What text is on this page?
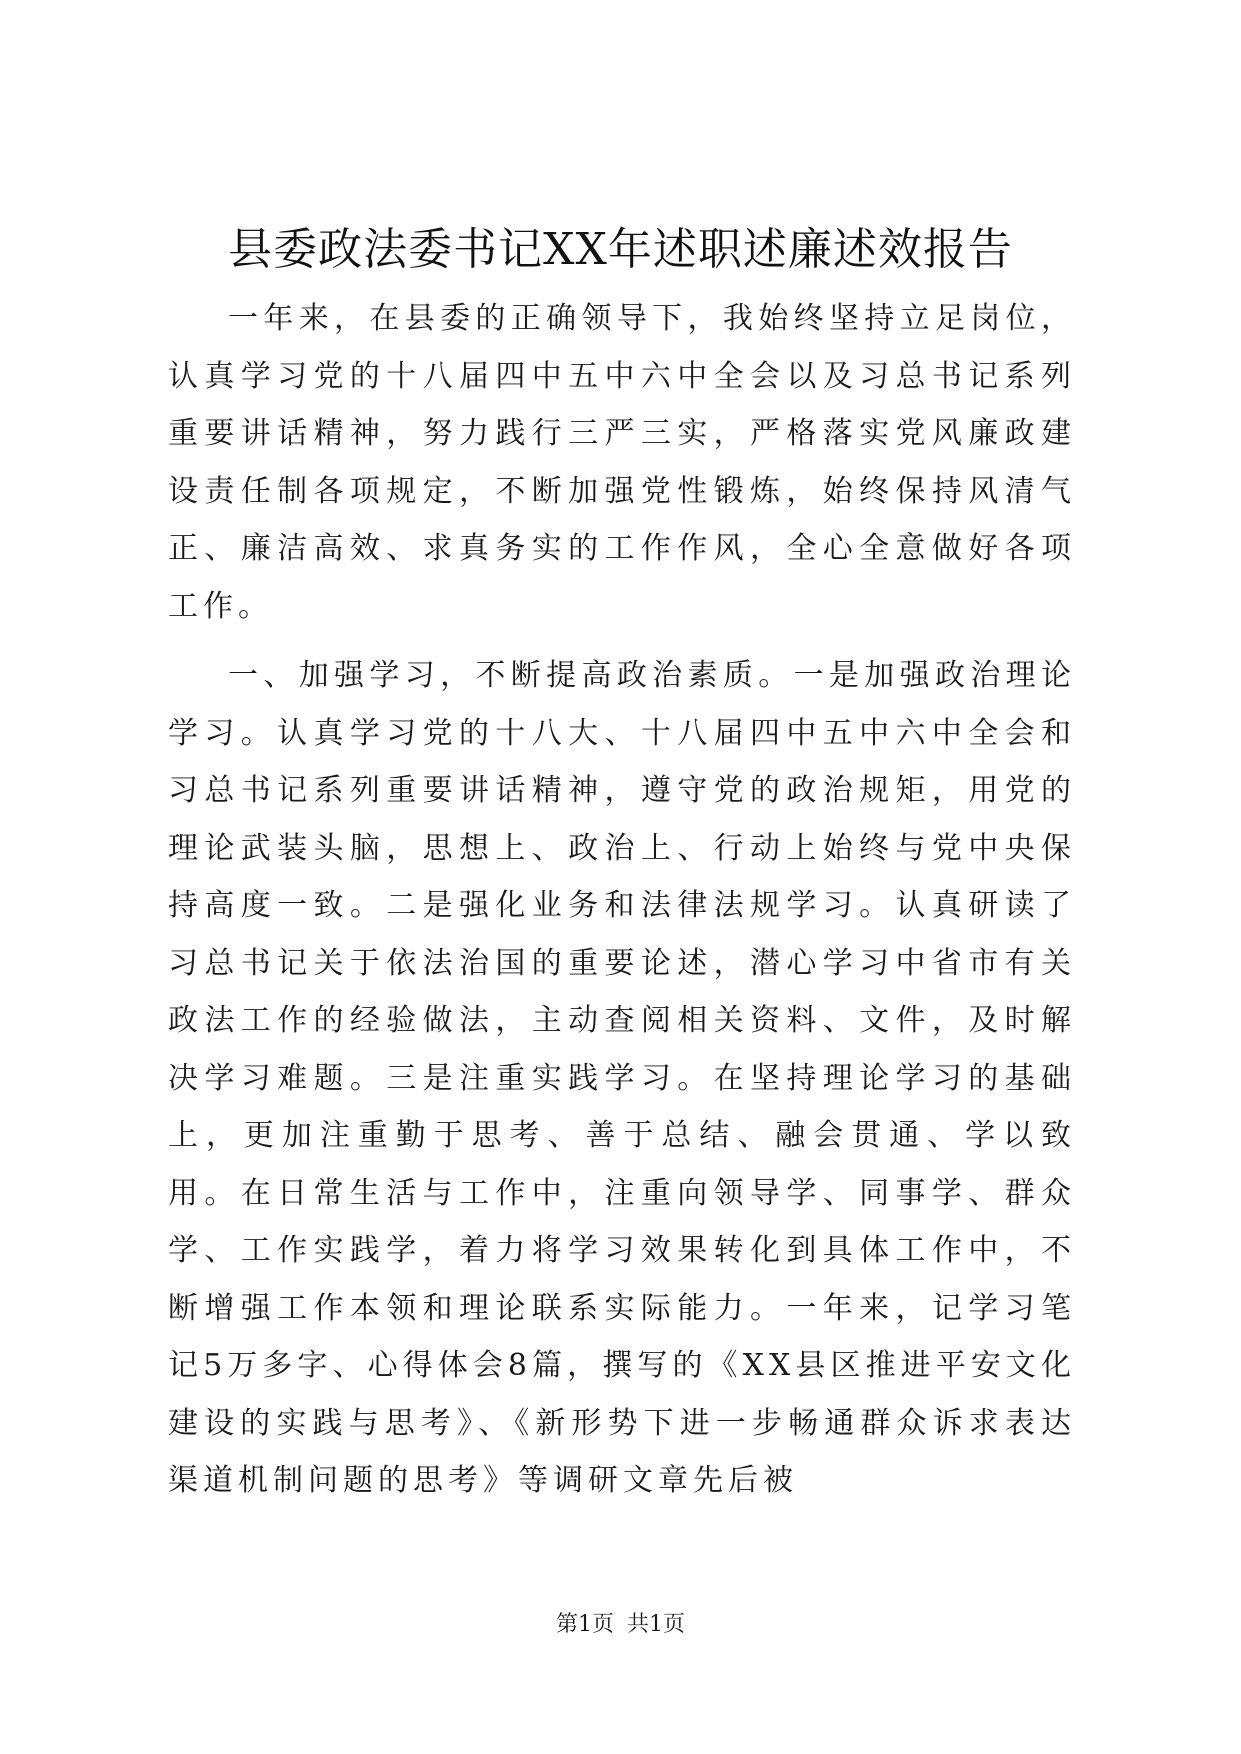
县委政法委书记XX年述职述廉述效报告

一年来，在县委的正确领导下，我始终坚持立足岗位，认真学习党的十八届四中五中六中全会以及习总书记系列重要讲话精神，努力践行三严三实，严格落实党风廉政建设责任制各项规定，不断加强党性锻炼，始终保持风清气正、廉洁高效、求真务实的工作作风，全心全意做好各项工作。

一、加强学习，不断提高政治素质。一是加强政治理论学习。认真学习党的十八大、十八届四中五中六中全会和习总书记系列重要讲话精神，遵守党的政治规矩，用党的理论武装头脑，思想上、政治上、行动上始终与党中央保持高度一致。二是强化业务和法律法规学习。认真研读了习总书记关于依法治国的重要论述，潜心学习中省市有关政法工作的经验做法，主动查阅相关资料、文件，及时解决学习难题。三是注重实践学习。在坚持理论学习的基础上，更加注重勤于思考、善于总结、融会贯通、学以致用。在日常生活与工作中，注重向领导学、同事学、群众学、工作实践学，着力将学习效果转化到具体工作中，不断增强工作本领和理论联系实际能力。一年来，记学习笔记5万多字、心得体会8篇，撰写的《XX县区推进平安文化建设的实践与思考》、《新形势下进一步畅通群众诉求表达渠道机制问题的思考》等调研文章先后被

第1页 共1页
